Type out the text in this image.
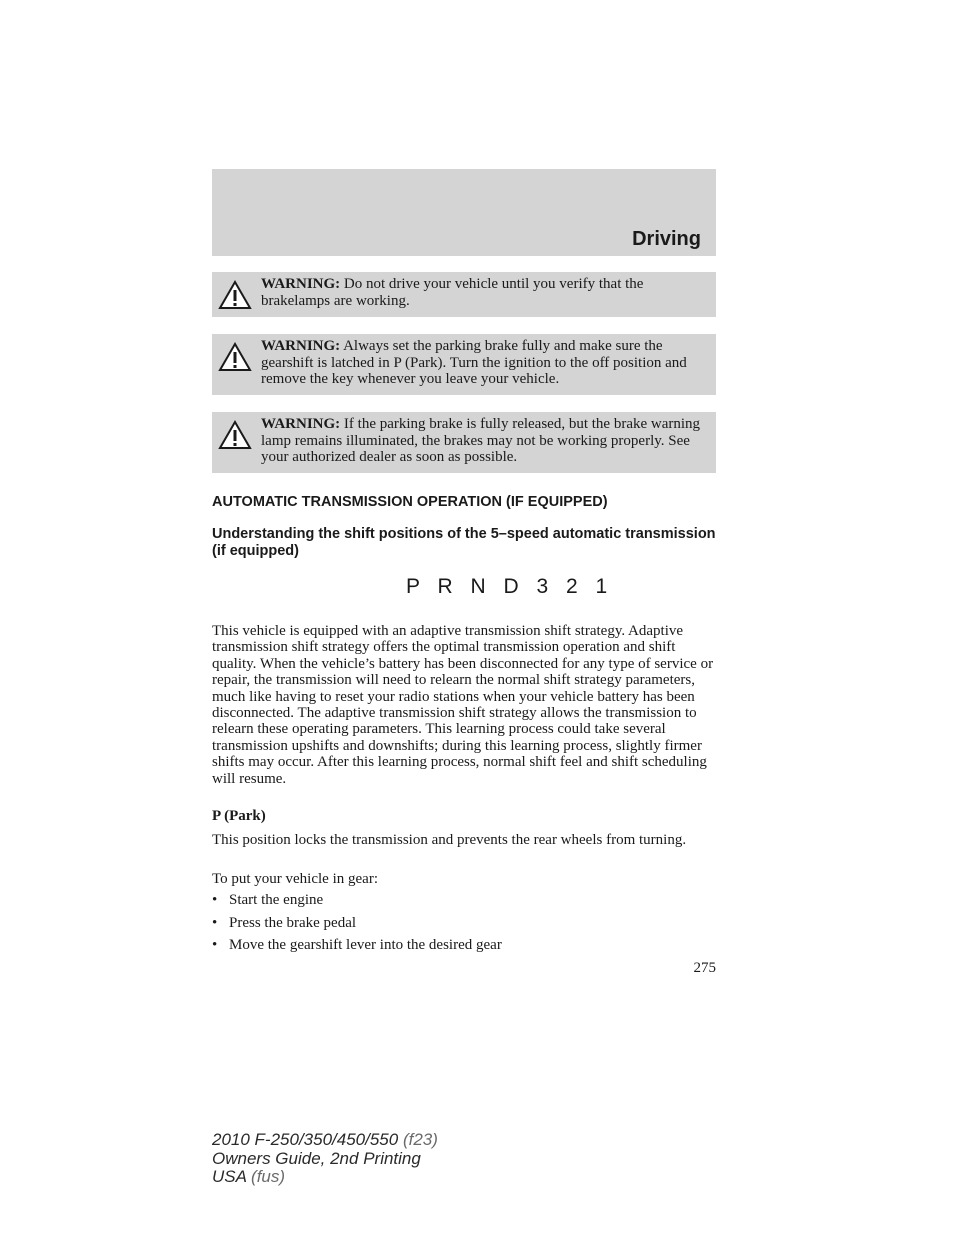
Driving
WARNING: Do not drive your vehicle until you verify that the brakelamps are working.
WARNING: Always set the parking brake fully and make sure the gearshift is latched in P (Park). Turn the ignition to the off position and remove the key whenever you leave your vehicle.
WARNING: If the parking brake is fully released, but the brake warning lamp remains illuminated, the brakes may not be working properly. See your authorized dealer as soon as possible.
AUTOMATIC TRANSMISSION OPERATION (IF EQUIPPED)
Understanding the shift positions of the 5–speed automatic transmission (if equipped)
P R N D 3 2 1

This vehicle is equipped with an adaptive transmission shift strategy. Adaptive transmission shift strategy offers the optimal transmission operation and shift quality. When the vehicle’s battery has been disconnected for any type of service or repair, the transmission will need to relearn the normal shift strategy parameters, much like having to reset your radio stations when your vehicle battery has been disconnected. The adaptive transmission shift strategy allows the transmission to relearn these operating parameters. This learning process could take several transmission upshifts and downshifts; during this learning process, slightly firmer shifts may occur. After this learning process, normal shift feel and shift scheduling will resume.

P (Park)

This position locks the transmission and prevents the rear wheels from turning.

To put your vehicle in gear:

• Start the engine
• Press the brake pedal
• Move the gearshift lever into the desired gear
275
2010 F-250/350/450/550 (f23)
Owners Guide, 2nd Printing
USA (fus)
